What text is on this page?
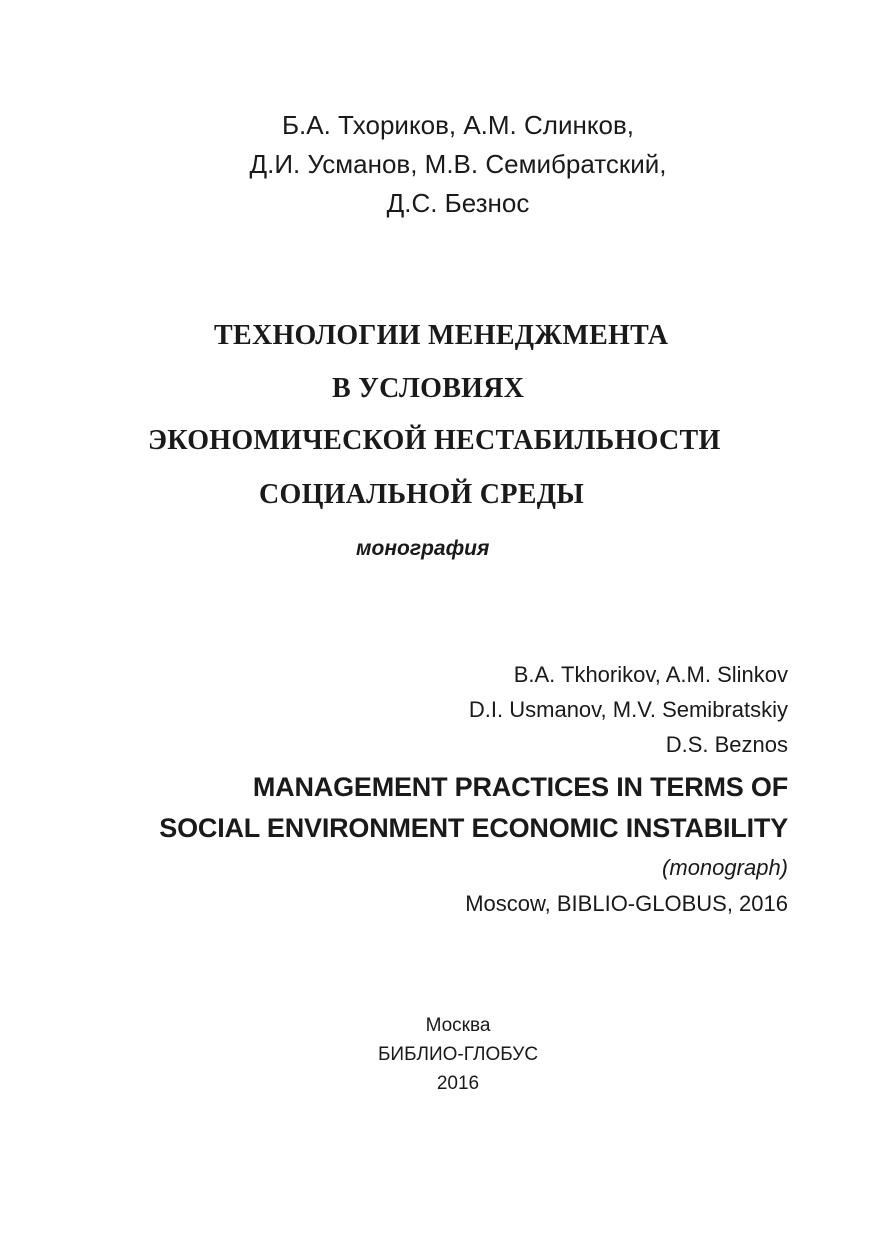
Б.А. Тхориков, А.М. Слинков,
Д.И. Усманов, М.В. Семибратский,
Д.С. Безнос
ТЕХНОЛОГИИ МЕНЕДЖМЕНТА
В УСЛОВИЯХ
ЭКОНОМИЧЕСКОЙ НЕСТАБИЛЬНОСТИ
СОЦИАЛЬНОЙ СРЕДЫ
монография
B.A. Tkhorikov, A.M. Slinkov
D.I. Usmanov, M.V. Semibratskiy
D.S. Beznos
MANAGEMENT PRACTICES IN TERMS OF
SOCIAL ENVIRONMENT ECONOMIC INSTABILITY
(monograph)
Moscow, BIBLIO-GLOBUS, 2016
Москва
БИБЛИО-ГЛОБУС
2016
